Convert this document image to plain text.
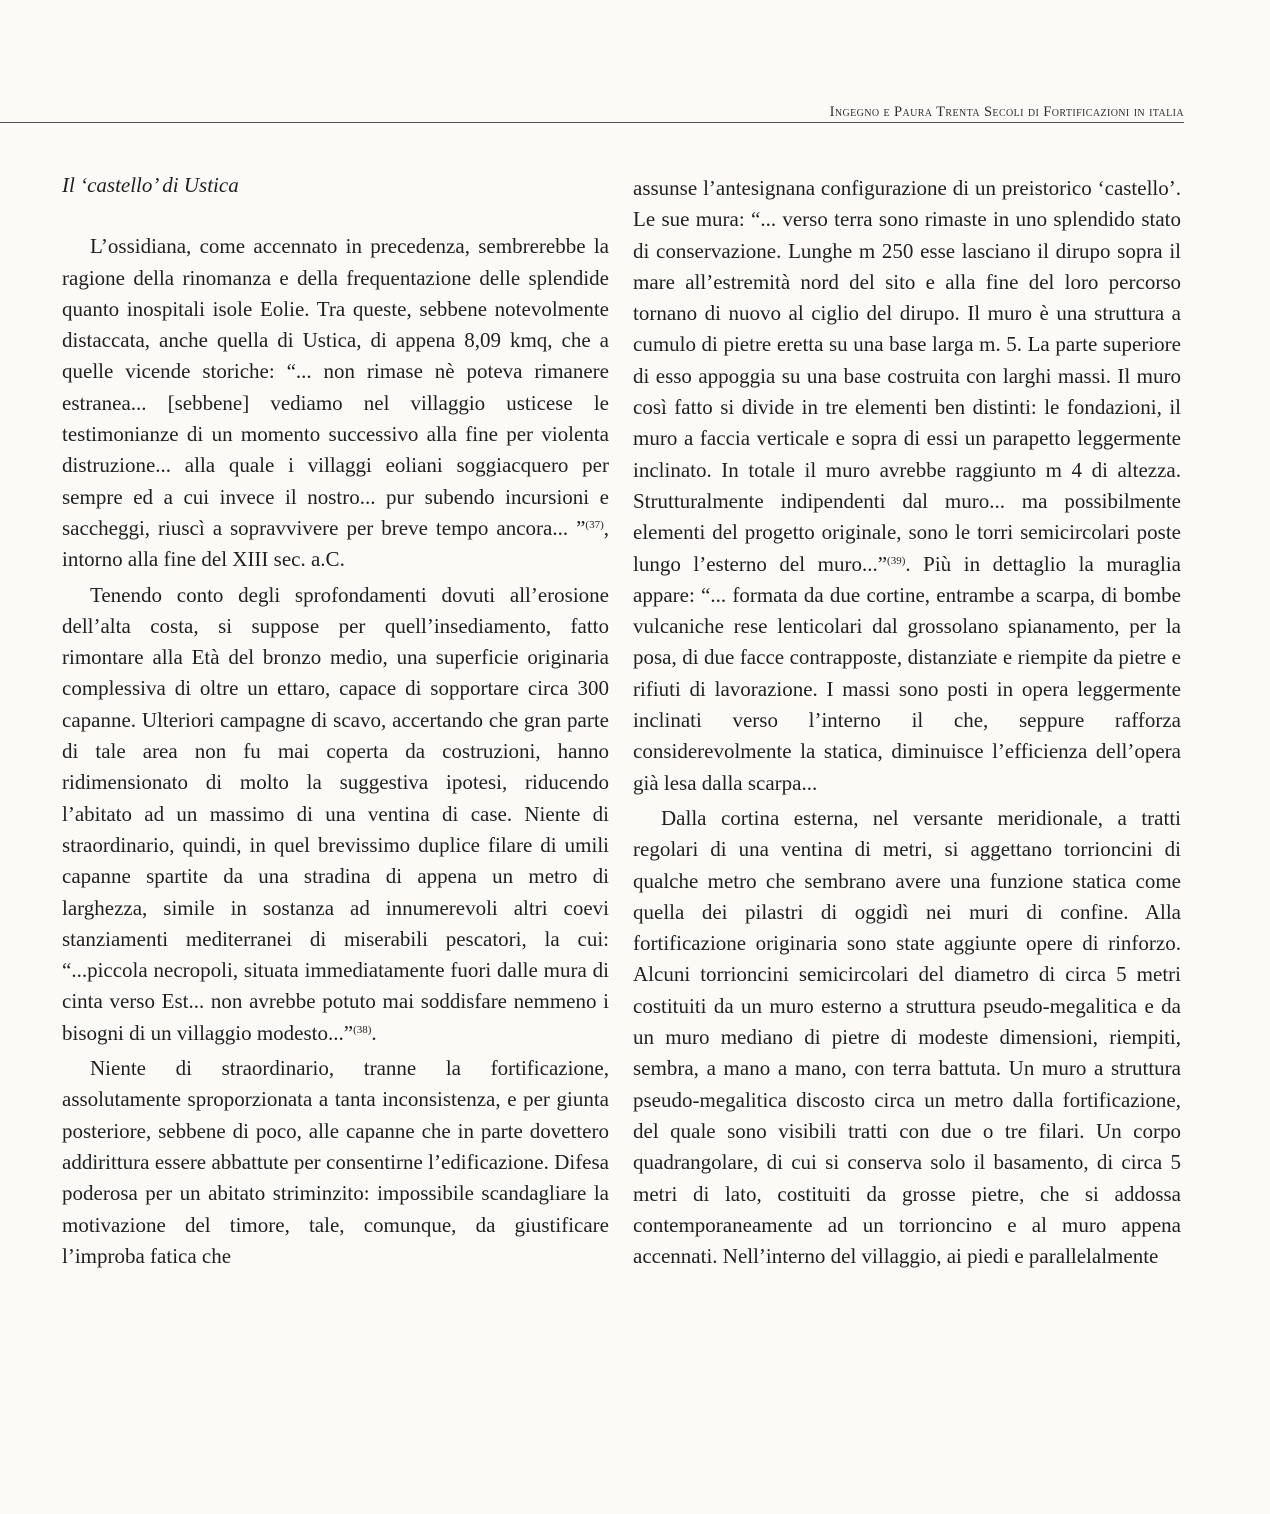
Ingegno e Paura Trenta Secoli di Fortificazioni in italia
Il ‘castello’ di Ustica

L’ossidiana, come accennato in precedenza, sembrerebbe la ragione della rinomanza e della frequentazione delle splendide quanto inospitali isole Eolie. Tra queste, sebbene notevolmente distaccata, anche quella di Ustica, di appena 8,09 kmq, che a quelle vicende storiche: “... non rimase nè poteva rimanere estranea... [sebbene] vediamo nel villaggio usticese le testimonianze di un momento successivo alla fine per violenta distruzione... alla quale i villaggi eoliani soggiacquero per sempre ed a cui invece il nostro... pur subendo incursioni e saccheggi, riuscì a sopravvivere per breve tempo ancora... ”$^{(37)}$, intorno alla fine del XIII sec. a.C.

Tenendo conto degli sprofondamenti dovuti all’erosione dell’alta costa, si suppose per quell’insediamento, fatto rimontare alla Età del bronzo medio, una superficie originaria complessiva di oltre un ettaro, capace di sopportare circa 300 capanne. Ulteriori campagne di scavo, accertando che gran parte di tale area non fu mai coperta da costruzioni, hanno ridimensionato di molto la suggestiva ipotesi, riducendo l’abitato ad un massimo di una ventina di case. Niente di straordinario, quindi, in quel brevissimo duplice filare di umili capanne spartite da una stradina di appena un metro di larghezza, simile in sostanza ad innumerevoli altri coevi stanziamenti mediterranei di miserabili pescatori, la cui: “...piccola necropoli, situata immediatamente fuori dalle mura di cinta verso Est... non avrebbe potuto mai soddisfare nemmeno i bisogni di un villaggio modesto...”$^{(38)}$.

Niente di straordinario, tranne la fortificazione, assolutamente sproporzionata a tanta inconsistenza, e per giunta posteriore, sebbene di poco, alle capanne che in parte dovettero addirittura essere abbattute per consentirne l’edificazione. Difesa poderosa per un abitato striminzito: impossibile scandagliare la motivazione del timore, tale, comunque, da giustificare l’improba fatica che

assunse l’antesignana configurazione di un preistorico ‘castello’. Le sue mura: “... verso terra sono rimaste in uno splendido stato di conservazione. Lunghe m 250 esse lasciano il dirupo sopra il mare all’estremità nord del sito e alla fine del loro percorso tornano di nuovo al ciglio del dirupo. Il muro è una struttura a cumulo di pietre eretta su una base larga m. 5. La parte superiore di esso appoggia su una base costruita con larghi massi. Il muro così fatto si divide in tre elementi ben distinti: le fondazioni, il muro a faccia verticale e sopra di essi un parapetto leggermente inclinato. In totale il muro avrebbe raggiunto m 4 di altezza. Strutturalmente indipendenti dal muro... ma possibilmente elementi del progetto originale, sono le torri semicircolari poste lungo l’esterno del muro...”$^{(39)}$. Più in dettaglio la muraglia appare: “... formata da due cortine, entrambe a scarpa, di bombe vulcaniche rese lenticolari dal grossolano spianamento, per la posa, di due facce contrapposte, distanziate e riempite da pietre e rifiuti di lavorazione. I massi sono posti in opera leggermente inclinati verso l’interno il che, seppure rafforza considerevolmente la statica, diminuisce l’efficienza dell’opera già lesa dalla scarpa...

Dalla cortina esterna, nel versante meridionale, a tratti regolari di una ventina di metri, si aggettano torrioncini di qualche metro che sembrano avere una funzione statica come quella dei pilastri di oggidì nei muri di confine. Alla fortificazione originaria sono state aggiunte opere di rinforzo. Alcuni torrioncini semicircolari del diametro di circa 5 metri costituiti da un muro esterno a struttura pseudo-megalitica e da un muro mediano di pietre di modeste dimensioni, riempiti, sembra, a mano a mano, con terra battuta. Un muro a struttura pseudo-megalitica discosto circa un metro dalla fortificazione, del quale sono visibili tratti con due o tre filari. Un corpo quadrangolare, di cui si conserva solo il basamento, di circa 5 metri di lato, costituiti da grosse pietre, che si addossa contemporaneamente ad un torrioncino e al muro appena accennati. Nell’interno del villaggio, ai piedi e parallelalmente
